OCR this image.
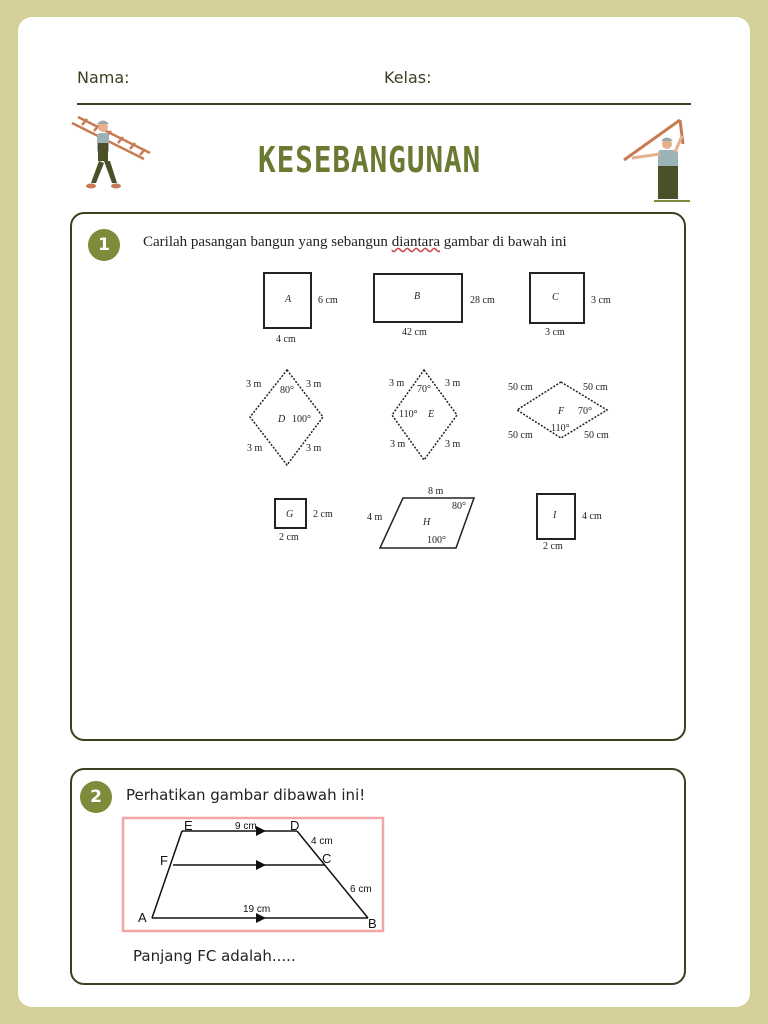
Nama:	Kelas:
KESEBANGUNAN
1	Carilah pasangan bangun yang sebangun diantara gambar di bawah ini
A	6 cm
4 cm
B	28 cm
42 cm
C	3 cm
3 cm
3 m	3 m
3 m	3 m
80°
D 100°
3 m	3 m
3 m	3 m
70°
110° E
50 cm	50 cm
50 cm	50 cm
F 70°
110°
G 2 cm
2 cm
8 m
4 m
80°
H
100°
I	4 cm
2 cm
2	Perhatikan gambar dibawah ini!
E	D
F	C
A	B
9 cm
4 cm
6 cm
19 cm
Panjang FC adalah.....
